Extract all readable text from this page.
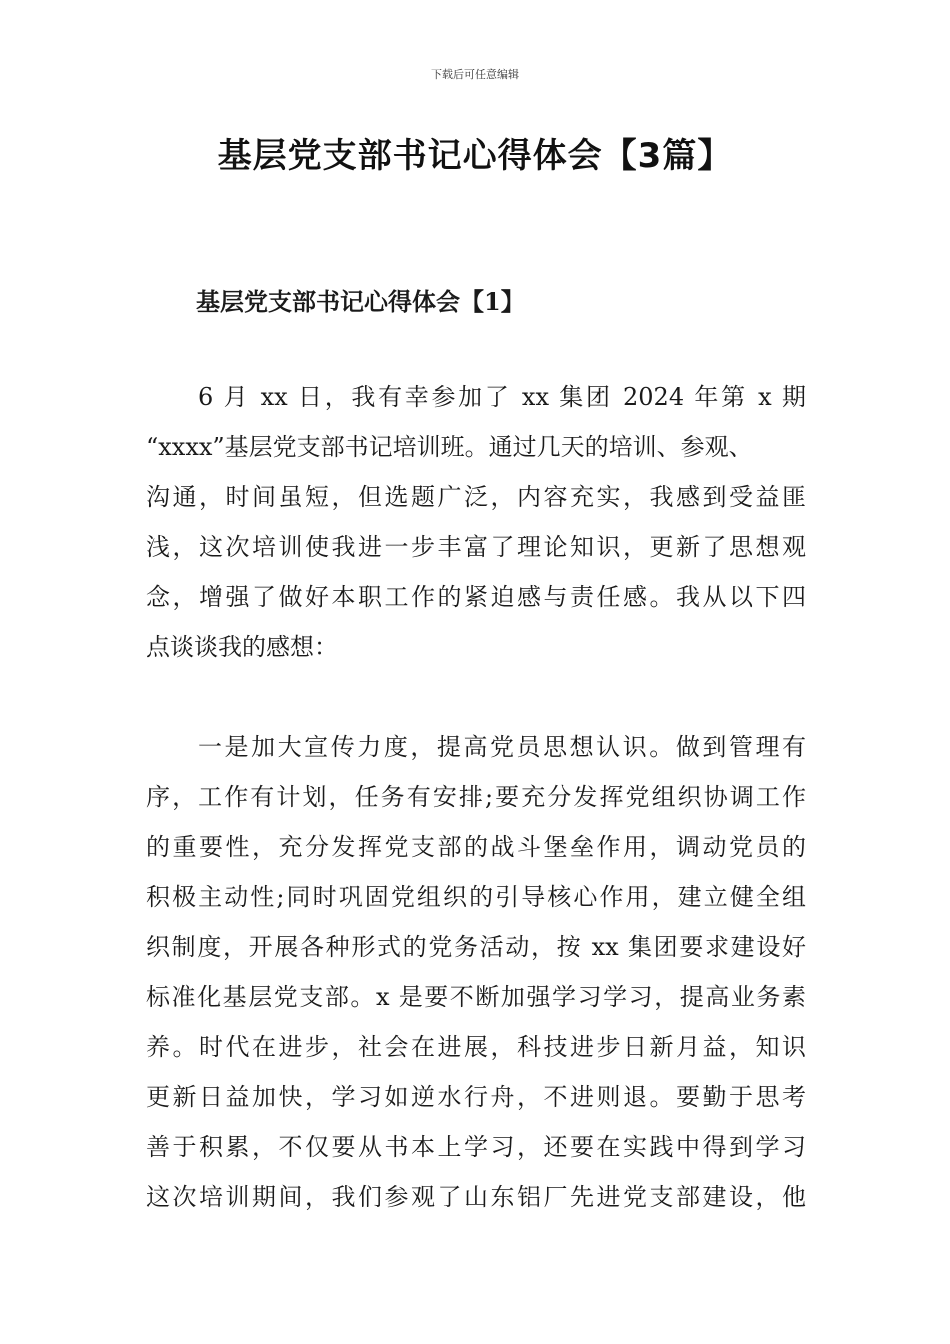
下载后可任意编辑
基层党支部书记心得体会【3篇】
基层党支部书记心得体会【1】
6 月 xx 日，我有幸参加了 xx 集团 2024 年第 x 期
“xxxx”基层党支部书记培训班。通过几天的培训、参观、
沟通，时间虽短，但选题广泛，内容充实，我感到受益匪
浅，这次培训使我进一步丰富了理论知识，更新了思想观
念，增强了做好本职工作的紧迫感与责任感。我从以下四
点谈谈我的感想：
一是加大宣传力度，提高党员思想认识。做到管理有
序，工作有计划，任务有安排;要充分发挥党组织协调工作
的重要性，充分发挥党支部的战斗堡垒作用，调动党员的
积极主动性;同时巩固党组织的引导核心作用，建立健全组
织制度，开展各种形式的党务活动，按 xx 集团要求建设好
标准化基层党支部。x 是要不断加强学习学习，提高业务素
养。时代在进步，社会在进展，科技进步日新月益，知识
更新日益加快，学习如逆水行舟，不进则退。要勤于思考
善于积累，不仅要从书本上学习，还要在实践中得到学习
这次培训期间，我们参观了山东铝厂先进党支部建设，他
